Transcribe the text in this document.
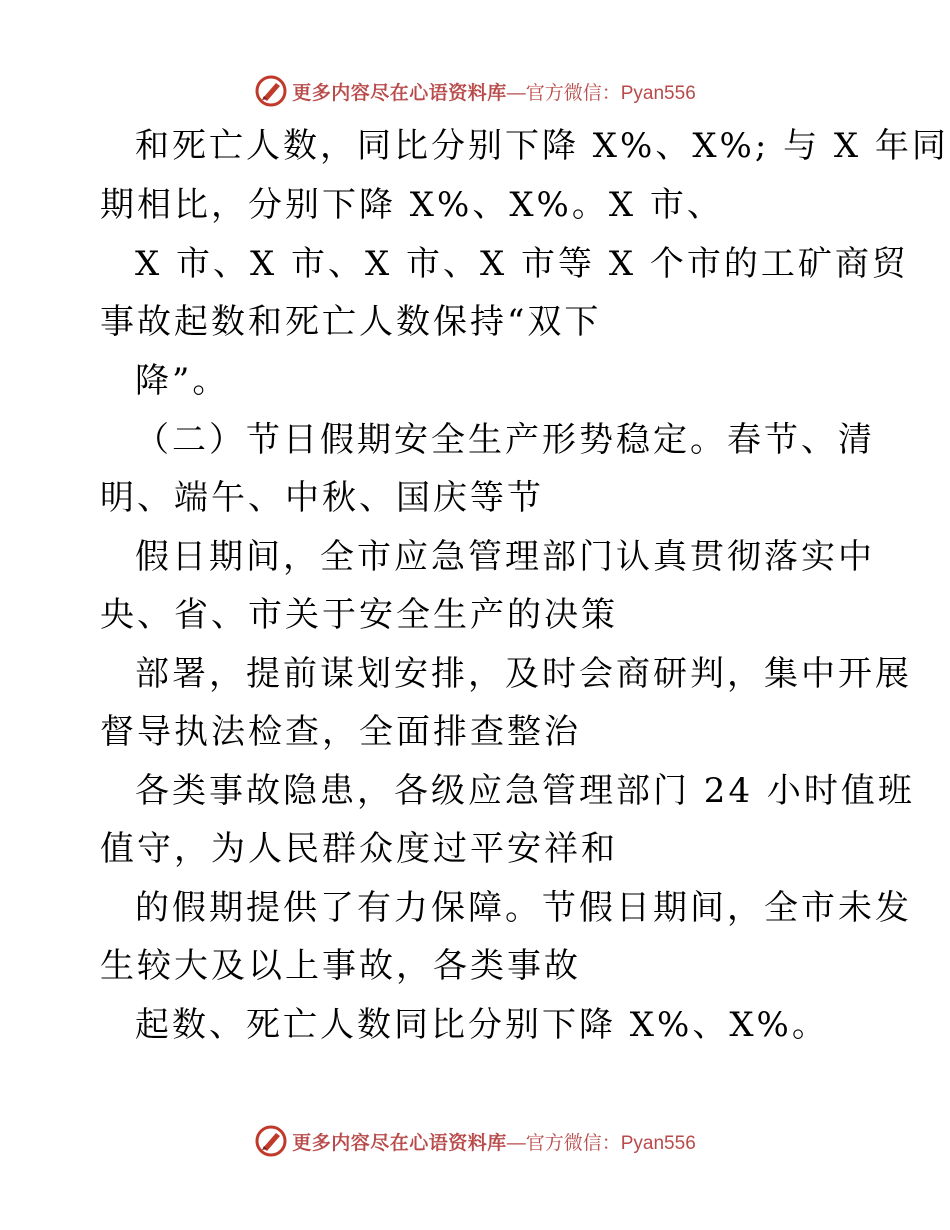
更多内容尽在心语资料库 —官方微信：Pyan556
和死亡人数，同比分别下降 X%、X%; 与 X 年同
期相比，分别下降 X%、X%。X 市、
X 市、X 市、X 市、X 市等 X 个市的工矿商贸
事故起数和死亡人数保持“双下
降”。
（二）节日假期安全生产形势稳定。春节、清
明、端午、中秋、国庆等节
假日期间，全市应急管理部门认真贯彻落实中
央、省、市关于安全生产的决策
部署，提前谋划安排，及时会商研判，集中开展
督导执法检查，全面排查整治
各类事故隐患，各级应急管理部门 24 小时值班
值守，为人民群众度过平安祥和
的假期提供了有力保障。节假日期间，全市未发
生较大及以上事故，各类事故
起数、死亡人数同比分别下降 X%、X%。
更多内容尽在心语资料库 —官方微信：Pyan556
